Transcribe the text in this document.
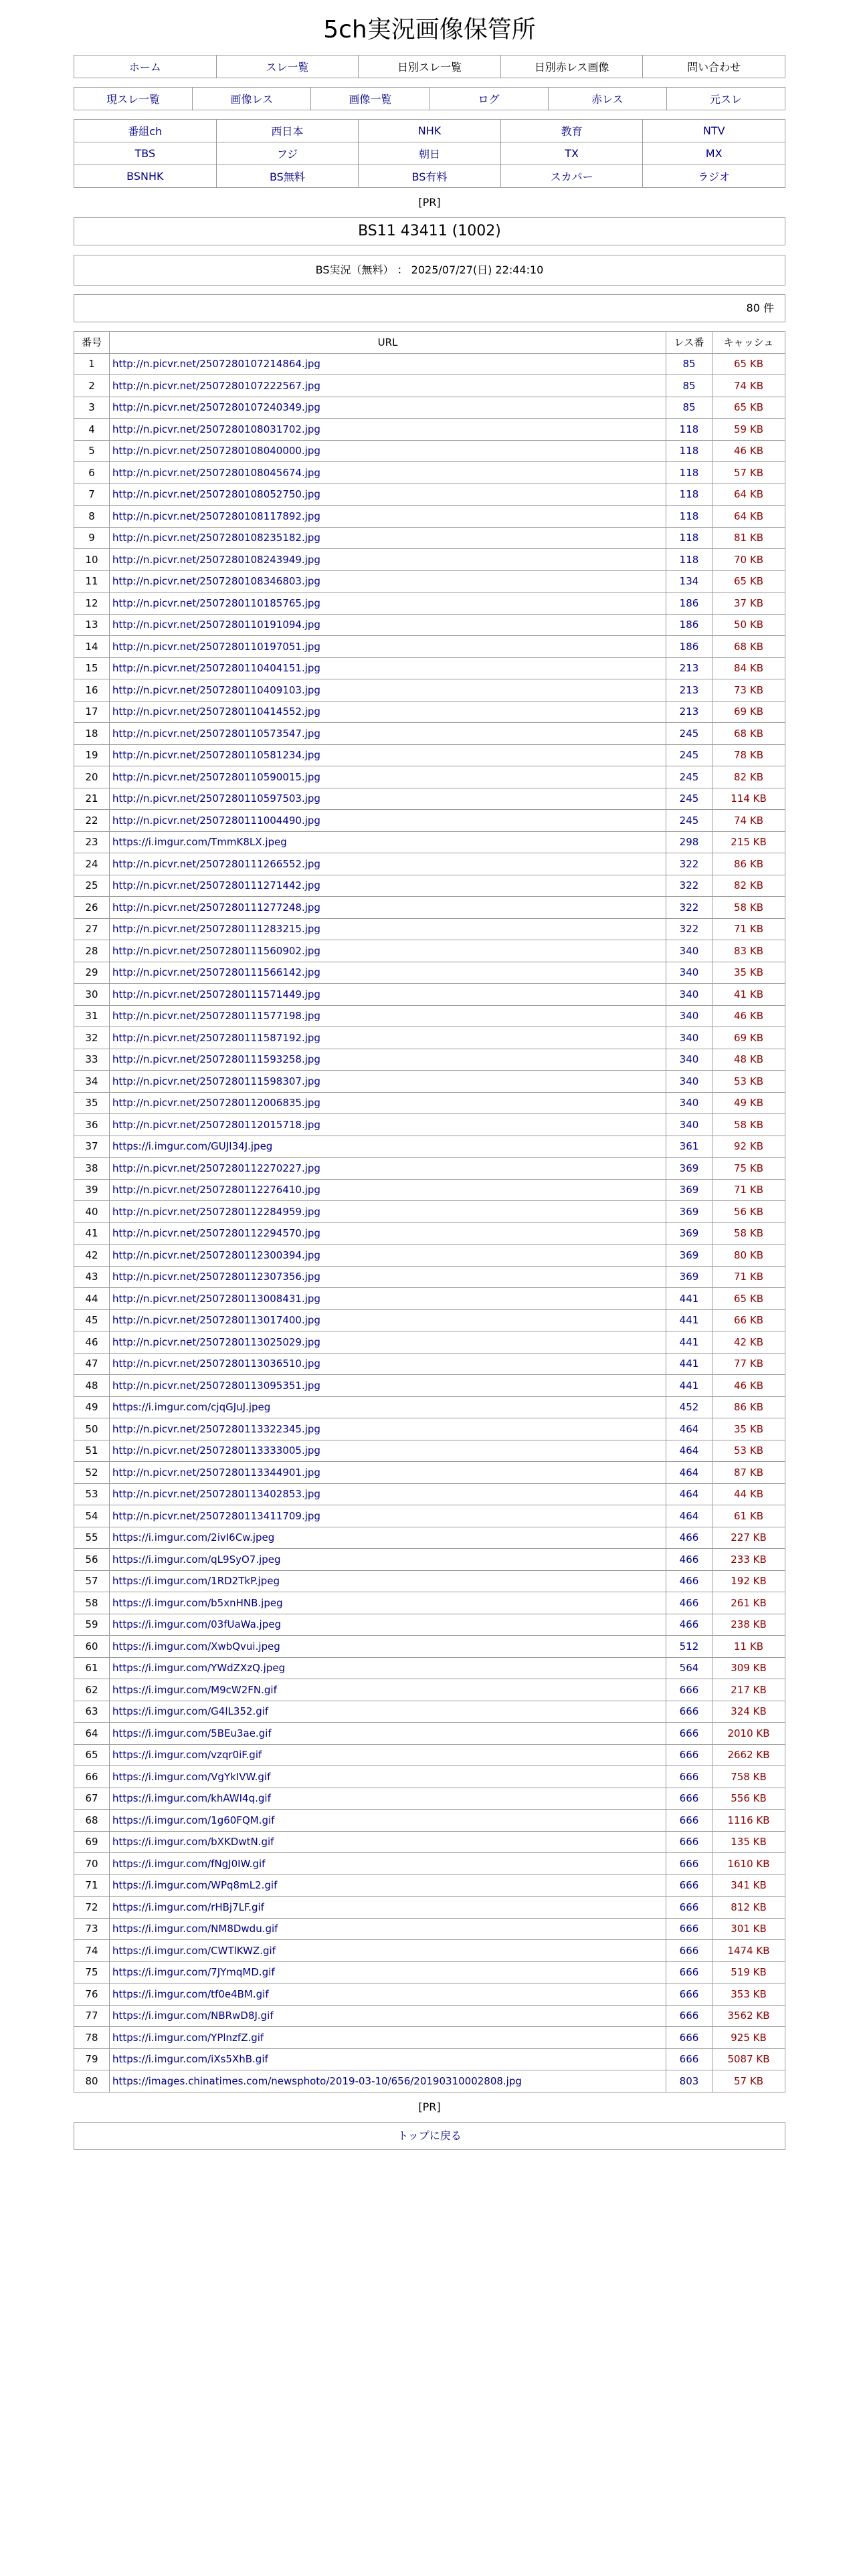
5ch実況画像保管所
ホーム	スレ一覧	日別スレ一覧	日別赤レス画像	問い合わせ
現スレ一覧	画像レス	画像一覧	ログ	赤レス	元スレ
番組ch	西日本	NHK	教育	NTV
TBS	フジ	朝日	TX	MX
BSNHK	BS無料	BS有料	スカパー	ラジオ
[PR]
BS11 43411 (1002)
BS実況（無料） ： 2025/07/27(日) 22:44:10
80 件
番号	URL	レス番	キャッシュ
1	http://n.picvr.net/2507280107214864.jpg	85	65 KB
2	http://n.picvr.net/2507280107222567.jpg	85	74 KB
3	http://n.picvr.net/2507280107240349.jpg	85	65 KB
4	http://n.picvr.net/2507280108031702.jpg	118	59 KB
5	http://n.picvr.net/2507280108040000.jpg	118	46 KB
6	http://n.picvr.net/2507280108045674.jpg	118	57 KB
7	http://n.picvr.net/2507280108052750.jpg	118	64 KB
8	http://n.picvr.net/2507280108117892.jpg	118	64 KB
9	http://n.picvr.net/2507280108235182.jpg	118	81 KB
10	http://n.picvr.net/2507280108243949.jpg	118	70 KB
11	http://n.picvr.net/2507280108346803.jpg	134	65 KB
12	http://n.picvr.net/2507280110185765.jpg	186	37 KB
13	http://n.picvr.net/2507280110191094.jpg	186	50 KB
14	http://n.picvr.net/2507280110197051.jpg	186	68 KB
15	http://n.picvr.net/2507280110404151.jpg	213	84 KB
16	http://n.picvr.net/2507280110409103.jpg	213	73 KB
17	http://n.picvr.net/2507280110414552.jpg	213	69 KB
18	http://n.picvr.net/2507280110573547.jpg	245	68 KB
19	http://n.picvr.net/2507280110581234.jpg	245	78 KB
20	http://n.picvr.net/2507280110590015.jpg	245	82 KB
21	http://n.picvr.net/2507280110597503.jpg	245	114 KB
22	http://n.picvr.net/2507280111004490.jpg	245	74 KB
23	https://i.imgur.com/TmmK8LX.jpeg	298	215 KB
24	http://n.picvr.net/2507280111266552.jpg	322	86 KB
25	http://n.picvr.net/2507280111271442.jpg	322	82 KB
26	http://n.picvr.net/2507280111277248.jpg	322	58 KB
27	http://n.picvr.net/2507280111283215.jpg	322	71 KB
28	http://n.picvr.net/2507280111560902.jpg	340	83 KB
29	http://n.picvr.net/2507280111566142.jpg	340	35 KB
30	http://n.picvr.net/2507280111571449.jpg	340	41 KB
31	http://n.picvr.net/2507280111577198.jpg	340	46 KB
32	http://n.picvr.net/2507280111587192.jpg	340	69 KB
33	http://n.picvr.net/2507280111593258.jpg	340	48 KB
34	http://n.picvr.net/2507280111598307.jpg	340	53 KB
35	http://n.picvr.net/2507280112006835.jpg	340	49 KB
36	http://n.picvr.net/2507280112015718.jpg	340	58 KB
37	https://i.imgur.com/GUJI34J.jpeg	361	92 KB
38	http://n.picvr.net/2507280112270227.jpg	369	75 KB
39	http://n.picvr.net/2507280112276410.jpg	369	71 KB
40	http://n.picvr.net/2507280112284959.jpg	369	56 KB
41	http://n.picvr.net/2507280112294570.jpg	369	58 KB
42	http://n.picvr.net/2507280112300394.jpg	369	80 KB
43	http://n.picvr.net/2507280112307356.jpg	369	71 KB
44	http://n.picvr.net/2507280113008431.jpg	441	65 KB
45	http://n.picvr.net/2507280113017400.jpg	441	66 KB
46	http://n.picvr.net/2507280113025029.jpg	441	42 KB
47	http://n.picvr.net/2507280113036510.jpg	441	77 KB
48	http://n.picvr.net/2507280113095351.jpg	441	46 KB
49	https://i.imgur.com/cjqGJuJ.jpeg	452	86 KB
50	http://n.picvr.net/2507280113322345.jpg	464	35 KB
51	http://n.picvr.net/2507280113333005.jpg	464	53 KB
52	http://n.picvr.net/2507280113344901.jpg	464	87 KB
53	http://n.picvr.net/2507280113402853.jpg	464	44 KB
54	http://n.picvr.net/2507280113411709.jpg	464	61 KB
55	https://i.imgur.com/2ivI6Cw.jpeg	466	227 KB
56	https://i.imgur.com/qL9SyO7.jpeg	466	233 KB
57	https://i.imgur.com/1RD2TkP.jpeg	466	192 KB
58	https://i.imgur.com/b5xnHNB.jpeg	466	261 KB
59	https://i.imgur.com/03fUaWa.jpeg	466	238 KB
60	https://i.imgur.com/XwbQvui.jpeg	512	11 KB
61	https://i.imgur.com/YWdZXzQ.jpeg	564	309 KB
62	https://i.imgur.com/M9cW2FN.gif	666	217 KB
63	https://i.imgur.com/G4lL352.gif	666	324 KB
64	https://i.imgur.com/5BEu3ae.gif	666	2010 KB
65	https://i.imgur.com/vzqr0iF.gif	666	2662 KB
66	https://i.imgur.com/VgYkIVW.gif	666	758 KB
67	https://i.imgur.com/khAWI4q.gif	666	556 KB
68	https://i.imgur.com/1g60FQM.gif	666	1116 KB
69	https://i.imgur.com/bXKDwtN.gif	666	135 KB
70	https://i.imgur.com/fNgJ0IW.gif	666	1610 KB
71	https://i.imgur.com/WPq8mL2.gif	666	341 KB
72	https://i.imgur.com/rHBj7LF.gif	666	812 KB
73	https://i.imgur.com/NM8Dwdu.gif	666	301 KB
74	https://i.imgur.com/CWTlKWZ.gif	666	1474 KB
75	https://i.imgur.com/7JYmqMD.gif	666	519 KB
76	https://i.imgur.com/tf0e4BM.gif	666	353 KB
77	https://i.imgur.com/NBRwD8J.gif	666	3562 KB
78	https://i.imgur.com/YPlnzfZ.gif	666	925 KB
79	https://i.imgur.com/iXs5XhB.gif	666	5087 KB
80	https://images.chinatimes.com/newsphoto/2019-03-10/656/20190310002808.jpg	803	57 KB
[PR]
トップに戻る
